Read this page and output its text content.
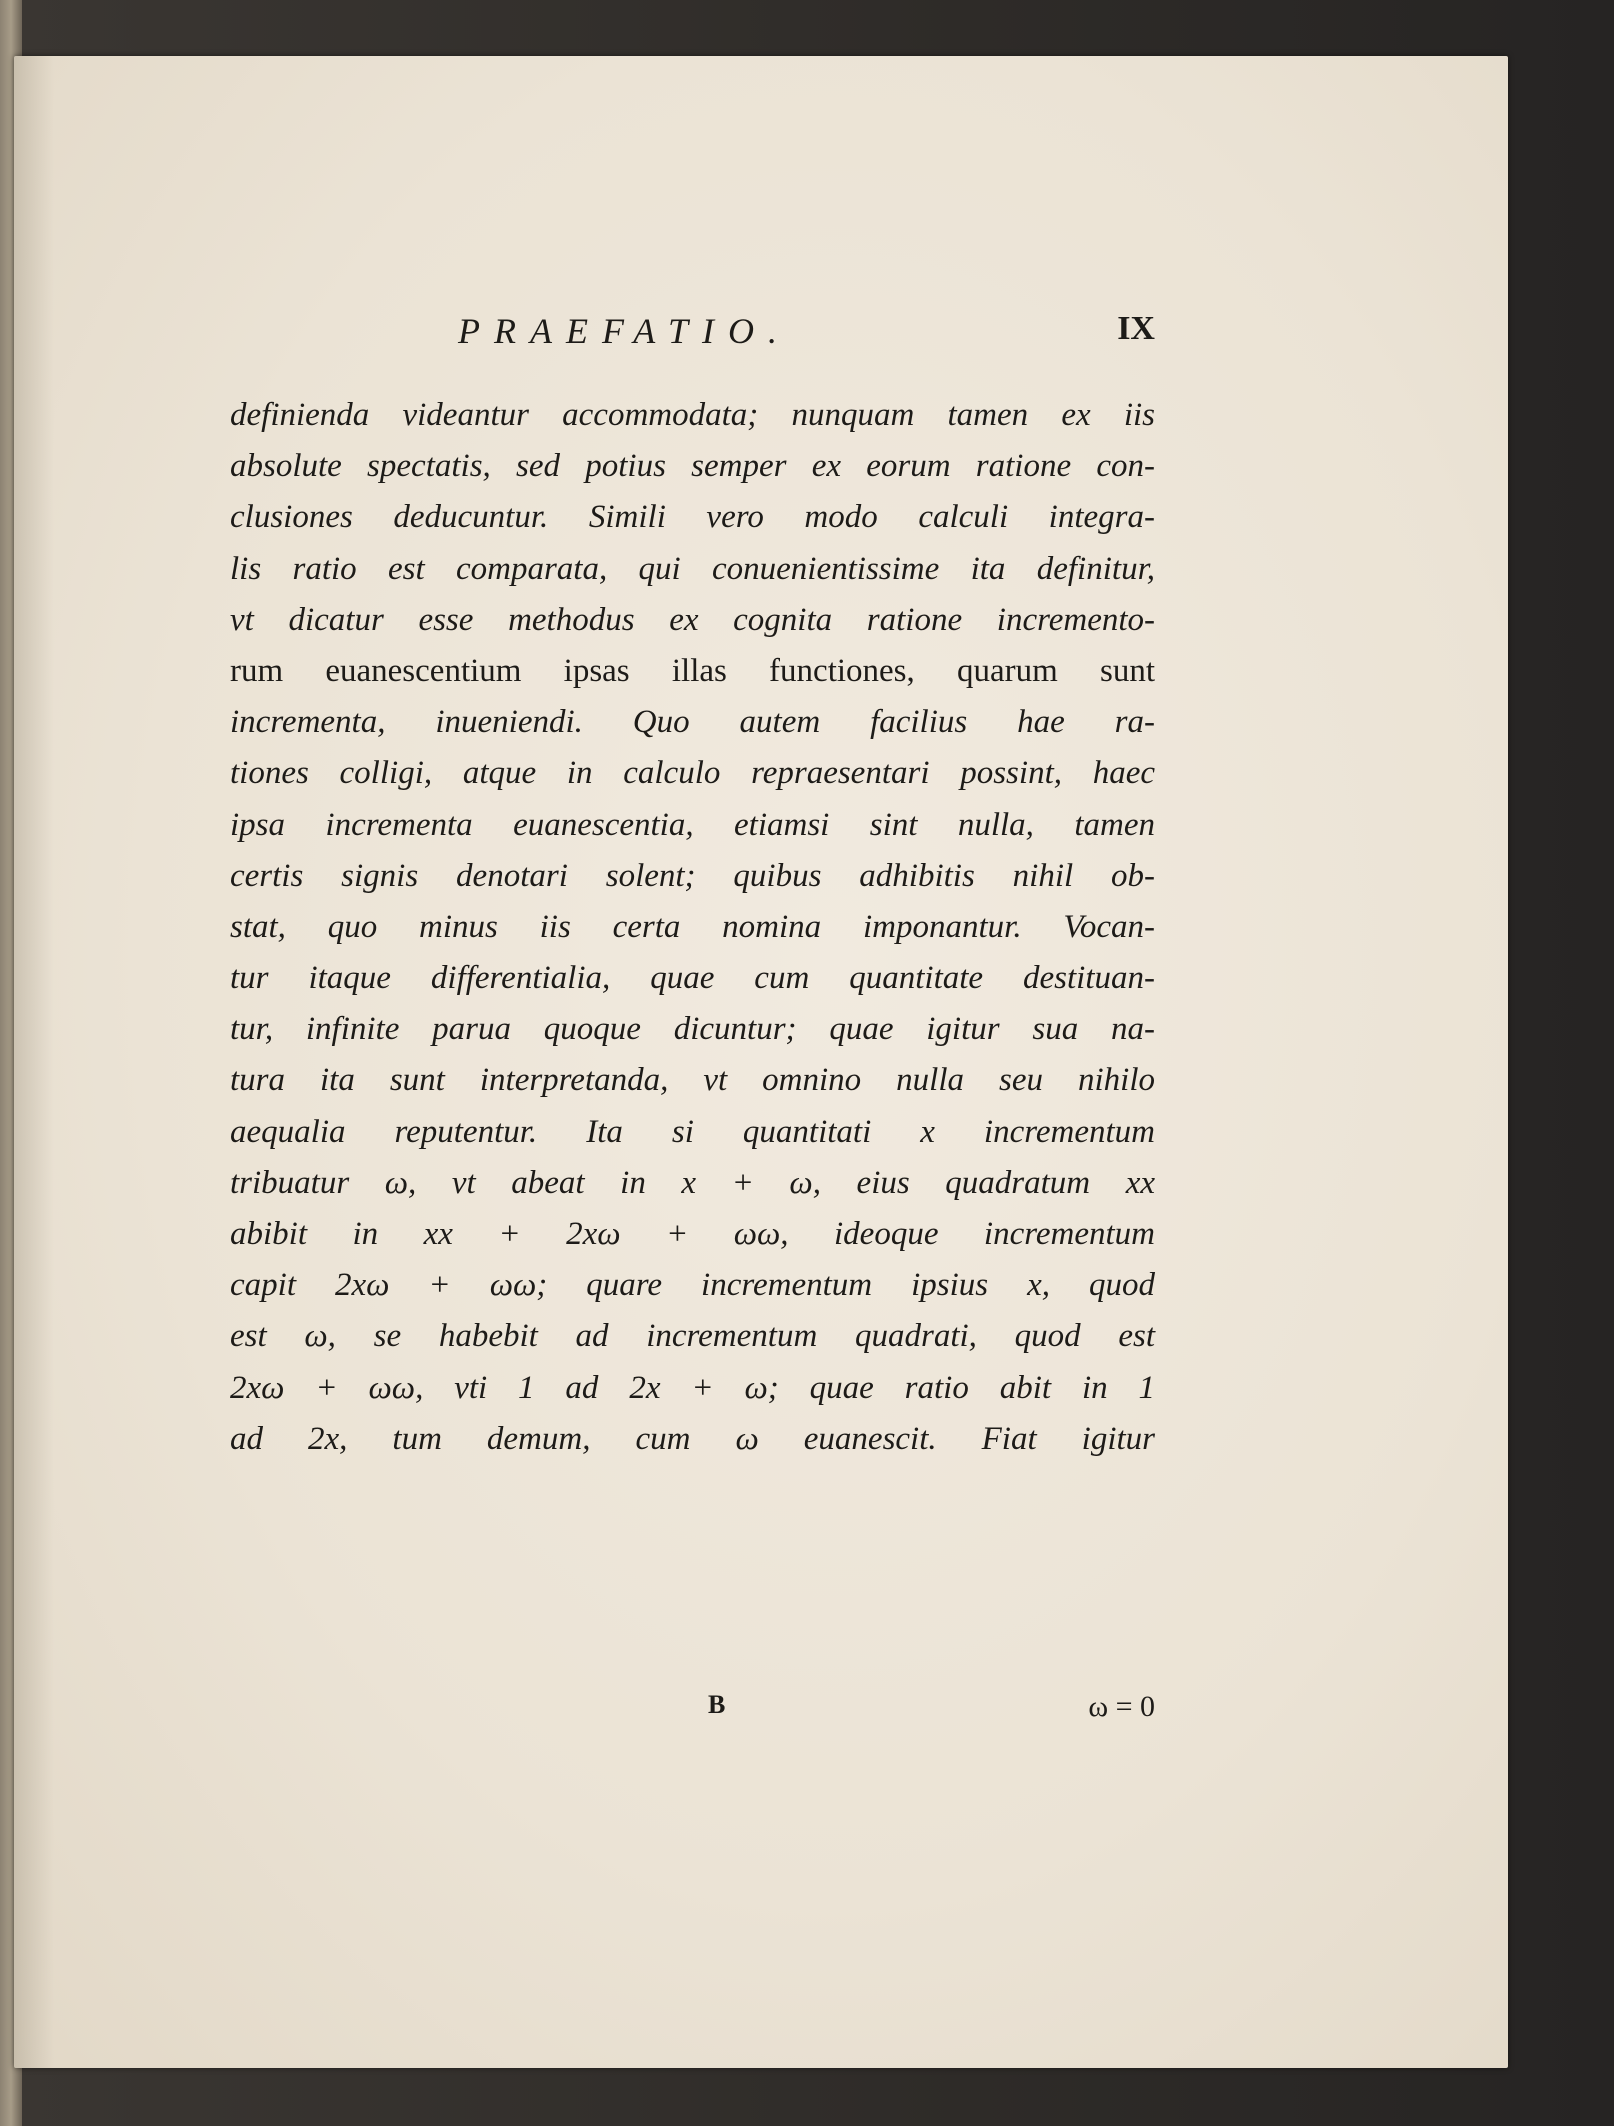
PRAEFATIO.	IX
definienda videantur accommodata; nunquam tamen ex iis
absolute spectatis, sed potius semper ex eorum ratione con-
clusiones deducuntur. Simili vero modo calculi integra-
lis ratio est comparata, qui conuenientissime ita definitur,
vt dicatur esse methodus ex cognita ratione incremento-
rum euanescentium ipsas illas functiones, quarum sunt
incrementa, inueniendi. Quo autem facilius hae ra-
tiones colligi, atque in calculo repraesentari possint, haec
ipsa incrementa euanescentia, etiamsi sint nulla, tamen
certis signis denotari solent; quibus adhibitis nihil ob-
stat, quo minus iis certa nomina imponantur. Vocan-
tur itaque differentialia, quae cum quantitate destituan-
tur, infinite parua quoque dicuntur; quae igitur sua na-
tura ita sunt interpretanda, vt omnino nulla seu nihilo
aequalia reputentur. Ita si quantitati x incrementum
tribuatur ω, vt abeat in x + ω, eius quadratum xx
abibit in xx + 2xω + ωω, ideoque incrementum
capit 2xω + ωω; quare incrementum ipsius x, quod
est ω, se habebit ad incrementum quadrati, quod est
2xω + ωω, vti 1 ad 2x + ω; quae ratio abit in 1
ad 2x, tum demum, cum ω euanescit. Fiat igitur
B	ω = 0
